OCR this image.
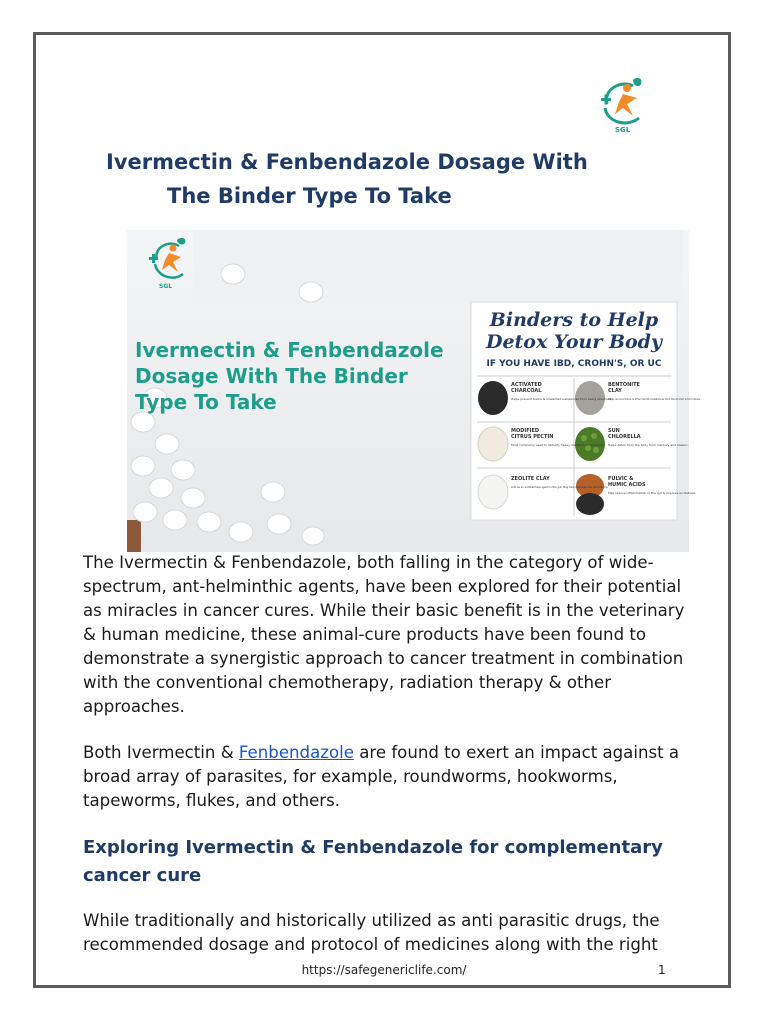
SGL
Ivermectin & Fenbendazole Dosage With
The Binder Type To Take
SGL
Ivermectin & Fenbendazole
Dosage With The Binder
Type To Take
Binders to Help
Detox Your Body
IF YOU HAVE IBD, CROHN'S, OR UC
ACTIVATED
CHARCOAL
Helps prevent toxins & unwanted substances from being absorbed.
BENTONITE
CLAY
Helps remove toxins & other harmful substances from the GI tract & form stools.
MODIFIED
CITRUS PECTIN
Most commonly used to detoxify heavy metals from the body.
SUN
CHLORELLA
Helps detox from the body from mercury and arsenic.
ZEOLITE CLAY
Acts as an antidiarrheal agent in the gut. May help modulate the microbiome
FULVIC &
HUMIC ACIDS
May reduce inflammation in the gut & improve GI distress.

The Ivermectin & Fenbendazole, both falling in the category of wide-spectrum, ant-helminthic agents, have been explored for their potential as miracles in cancer cures. While their basic benefit is in the veterinary & human medicine, these animal-cure products have been found to demonstrate a synergistic approach to cancer treatment in combination with the conventional chemotherapy, radiation therapy & other approaches.

Both Ivermectin & Fenbendazole are found to exert an impact against a broad array of parasites, for example, roundworms, hookworms, tapeworms, flukes, and others.

Exploring Ivermectin & Fenbendazole for complementary cancer cure

While traditionally and historically utilized as anti parasitic drugs, the recommended dosage and protocol of medicines along with the right

https://safegenericlife.com/	1
